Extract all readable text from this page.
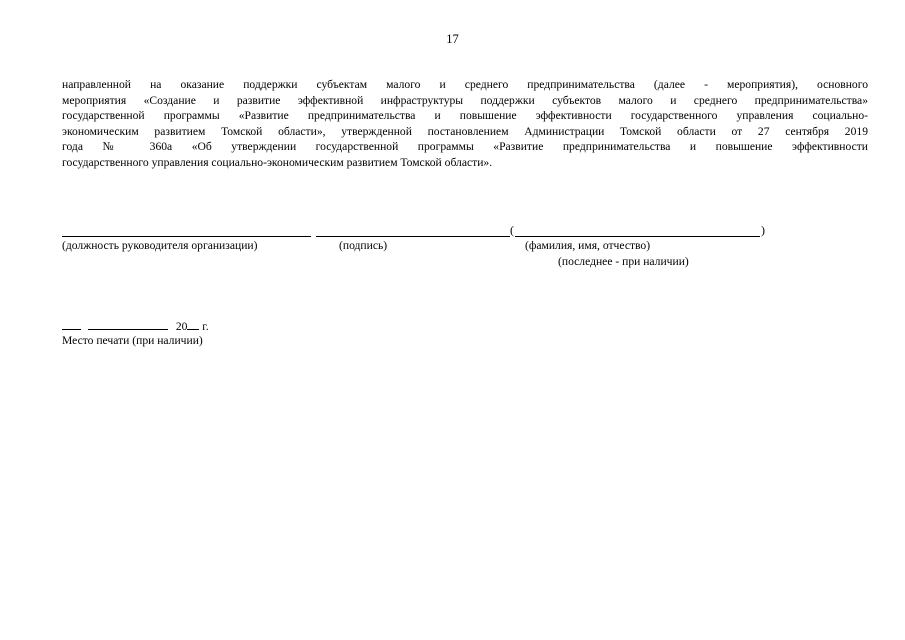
17
направленной на оказание поддержки субъектам малого и среднего предпринимательства (далее - мероприятия), основного
мероприятия «Создание и развитие эффективной инфраструктуры поддержки субъектов малого и среднего предпринимательства»
государственной программы «Развитие предпринимательства и повышение эффективности государственного управления социально-
экономическим развитием Томской области», утвержденной постановлением Администрации Томской области от 27 сентября 2019
года № 360а «Об утверждении государственной программы «Развитие предпринимательства и повышение эффективности
государственного управления социально-экономическим развитием Томской области».
(	)
(должность руководителя организации)	(подпись)	(фамилия, имя, отчество)
(последнее - при наличии)
20 г.
Место печати (при наличии)
